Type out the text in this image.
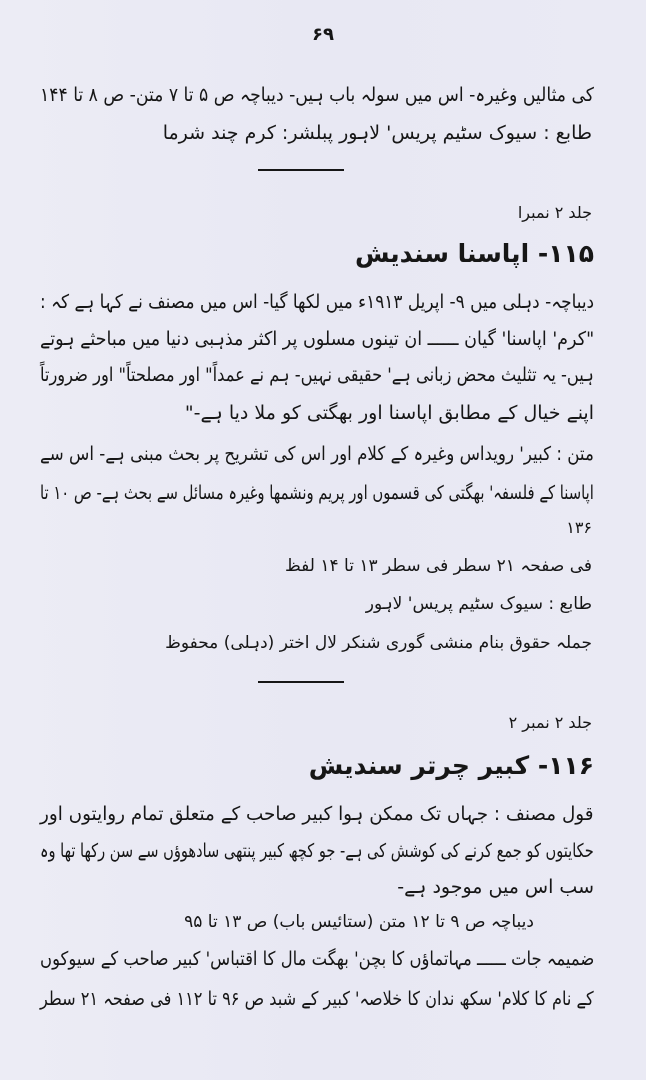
۶۹
کی مثالیں وغیرہ- اس میں سولہ باب ہیں- دیباچہ ص ۵ تا ۷ متن- ص ۸ تا ۱۴۴
طابع : سیوک سٹیم پریس' لاہور پبلشر: کرم چند شرما
جلد ۲ نمبرا
۱۱۵- اپاسنا سندیش
دیباچہ- دہلی میں ۹- اپریل ۱۹۱۳ء میں لکھا گیا- اس میں مصنف نے کہا ہے کہ :
"کرم' اپاسنا' گیان ــــــ ان تینوں مسلوں پر اکثر مذہبی دنیا میں مباحثے ہوتے
ہیں- یہ تثلیث محض زبانی ہے' حقیقی نہیں- ہم نے عمداً" اور مصلحتاً" اور ضرورتاً
اپنے خیال کے مطابق اپاسنا اور بھگتی کو ملا دیا ہے-"
متن : کبیر' رویداس وغیرہ کے کلام اور اس کی تشریح پر بحث مبنی ہے- اس سے
اپاسنا کے فلسفہ' بھگتی کی قسموں اور پریم ونشمھا وغیرہ مسائل سے بحث ہے- ص ۱۰ تا
۱۳۶
فی صفحہ ۲۱ سطر فی سطر ۱۳ تا ۱۴ لفظ
طابع : سیوک سٹیم پریس' لاہور
جملہ حقوق بنام منشی گوری شنکر لال اختر (دہلی) محفوظ
جلد ۲ نمبر ۲
۱۱۶- کبیر چرتر سندیش
قول مصنف : جہاں تک ممکن ہوا کبیر صاحب کے متعلق تمام روایتوں اور
حکایتوں کو جمع کرنے کی کوشش کی ہے- جو کچھ کبیر پنتھی سادھوؤں سے سن رکھا تھا وہ
سب اس میں موجود ہے-
دیباچہ ص ۹ تا ۱۲ متن (ستائیس باب) ص ۱۳ تا ۹۵
ضمیمہ جات ــــــ مہاتماؤں کا بچن' بھگت مال کا اقتباس' کبیر صاحب کے سیوکوں
کے نام کا کلام' سکھ ندان کا خلاصہ' کبیر کے شبد ص ۹۶ تا ۱۱۲ فی صفحہ ۲۱ سطر
